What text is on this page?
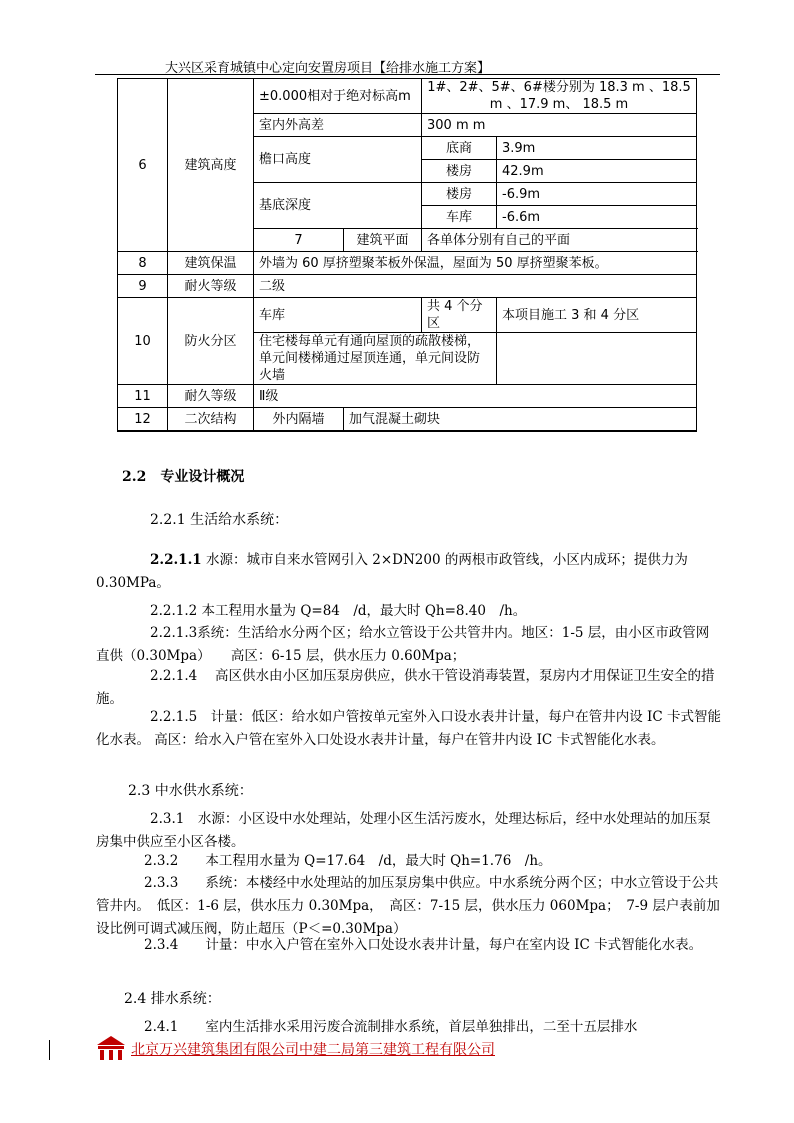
大兴区采育城镇中心定向安置房项目【给排水施工方案】
6	建筑高度	±0.000相对于绝对标高m		1#、2#、5#、6#楼分别为 18.3 m 、18.5 m 、17.9 m、 18.5 m	
		室内外高差		300 m m	
		檐口高度		底商	3.9m
				楼房	42.9m
		基底深度		楼房	-6.9m
				车库	-6.6m
		7	建筑平面	各单体分别有自己的平面	
8	建筑保温	外墙为 60 厚挤塑聚苯板外保温，屋面为 50 厚挤塑聚苯板。			
9	耐火等级	二级			
10	防火分区	车库		共 4 个分区	本项目施工 3 和 4 分区
		住宅楼每单元有通向屋顶的疏散楼梯，单元间楼梯通过屋顶连通，单元间设防火墙			
11	耐久等级	Ⅱ级			
12	二次结构	外内隔墙	加气混凝土砌块		
2.2　专业设计概况
2.2.1 生活给水系统：
2.2.1.1 水源：城市自来水管网引入 2×DN200 的两根市政管线，小区内成环；提供力为 0.30MPa。
2.2.1.2 本工程用水量为 Q=84　/d，最大时 Qh=8.40　/h。
2.2.1.3系统：生活给水分两个区；给水立管设于公共管井内。地区：1-5 层，由小区市政管网直供（0.30Mpa）　　高区：6-15 层，供水压力 0.60Mpa；
2.2.1.4　 高区供水由小区加压泵房供应，供水干管设消毒装置，泵房内才用保证卫生安全的措施。
2.2.1.5　计量：低区：给水如户管按单元室外入口设水表井计量，每户在管井内设 IC 卡式智能化水表。 高区：给水入户管在室外入口处设水表井计量，每户在管井内设 IC 卡式智能化水表。
2.3 中水供水系统：
2.3.1　水源：小区设中水处理站，处理小区生活污废水，处理达标后，经中水处理站的加压泵房集中供应至小区各楼。
2.3.2　　本工程用水量为 Q=17.64　/d，最大时 Qh=1.76　/h。
2.3.3　　系统：本楼经中水处理站的加压泵房集中供应。中水系统分两个区；中水立管设于公共管井内。　低区：1-6 层，供水压力 0.30Mpa，　高区：7-15 层，供水压力 060Mpa；　7-9 层户表前加设比例可调式减压阀，防止超压（P＜=0.30Mpa）
2.3.4　　计量：中水入户管在室外入口处设水表井计量，每户在室内设 IC 卡式智能化水表。
2.4 排水系统：
2.4.1　　室内生活排水采用污废合流制排水系统，首层单独排出，二至十五层排水
北京万兴建筑集团有限公司中建二局第三建筑工程有限公司
